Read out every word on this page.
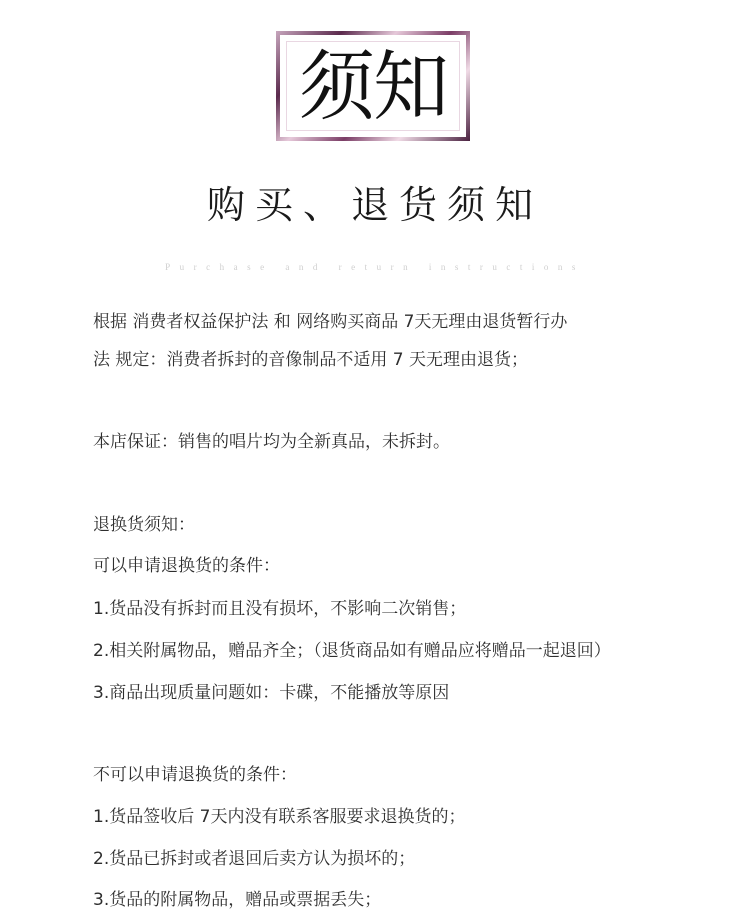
须知
购买、退货须知
Purchase and return instructions
根据 消费者权益保护法 和 网络购买商品 7天无理由退货暂行办
法 规定：消费者拆封的音像制品不适用 7 天无理由退货；
本店保证：销售的唱片均为全新真品，未拆封。
退换货须知：
可以申请退换货的条件：
1.货品没有拆封而且没有损坏，不影响二次销售；
2.相关附属物品，赠品齐全；（退货商品如有赠品应将赠品一起退回）
3.商品出现质量问题如：卡碟，不能播放等原因
不可以申请退换货的条件：
1.货品签收后 7天内没有联系客服要求退换货的；
2.货品已拆封或者退回后卖方认为损坏的；
3.货品的附属物品，赠品或票据丢失；
